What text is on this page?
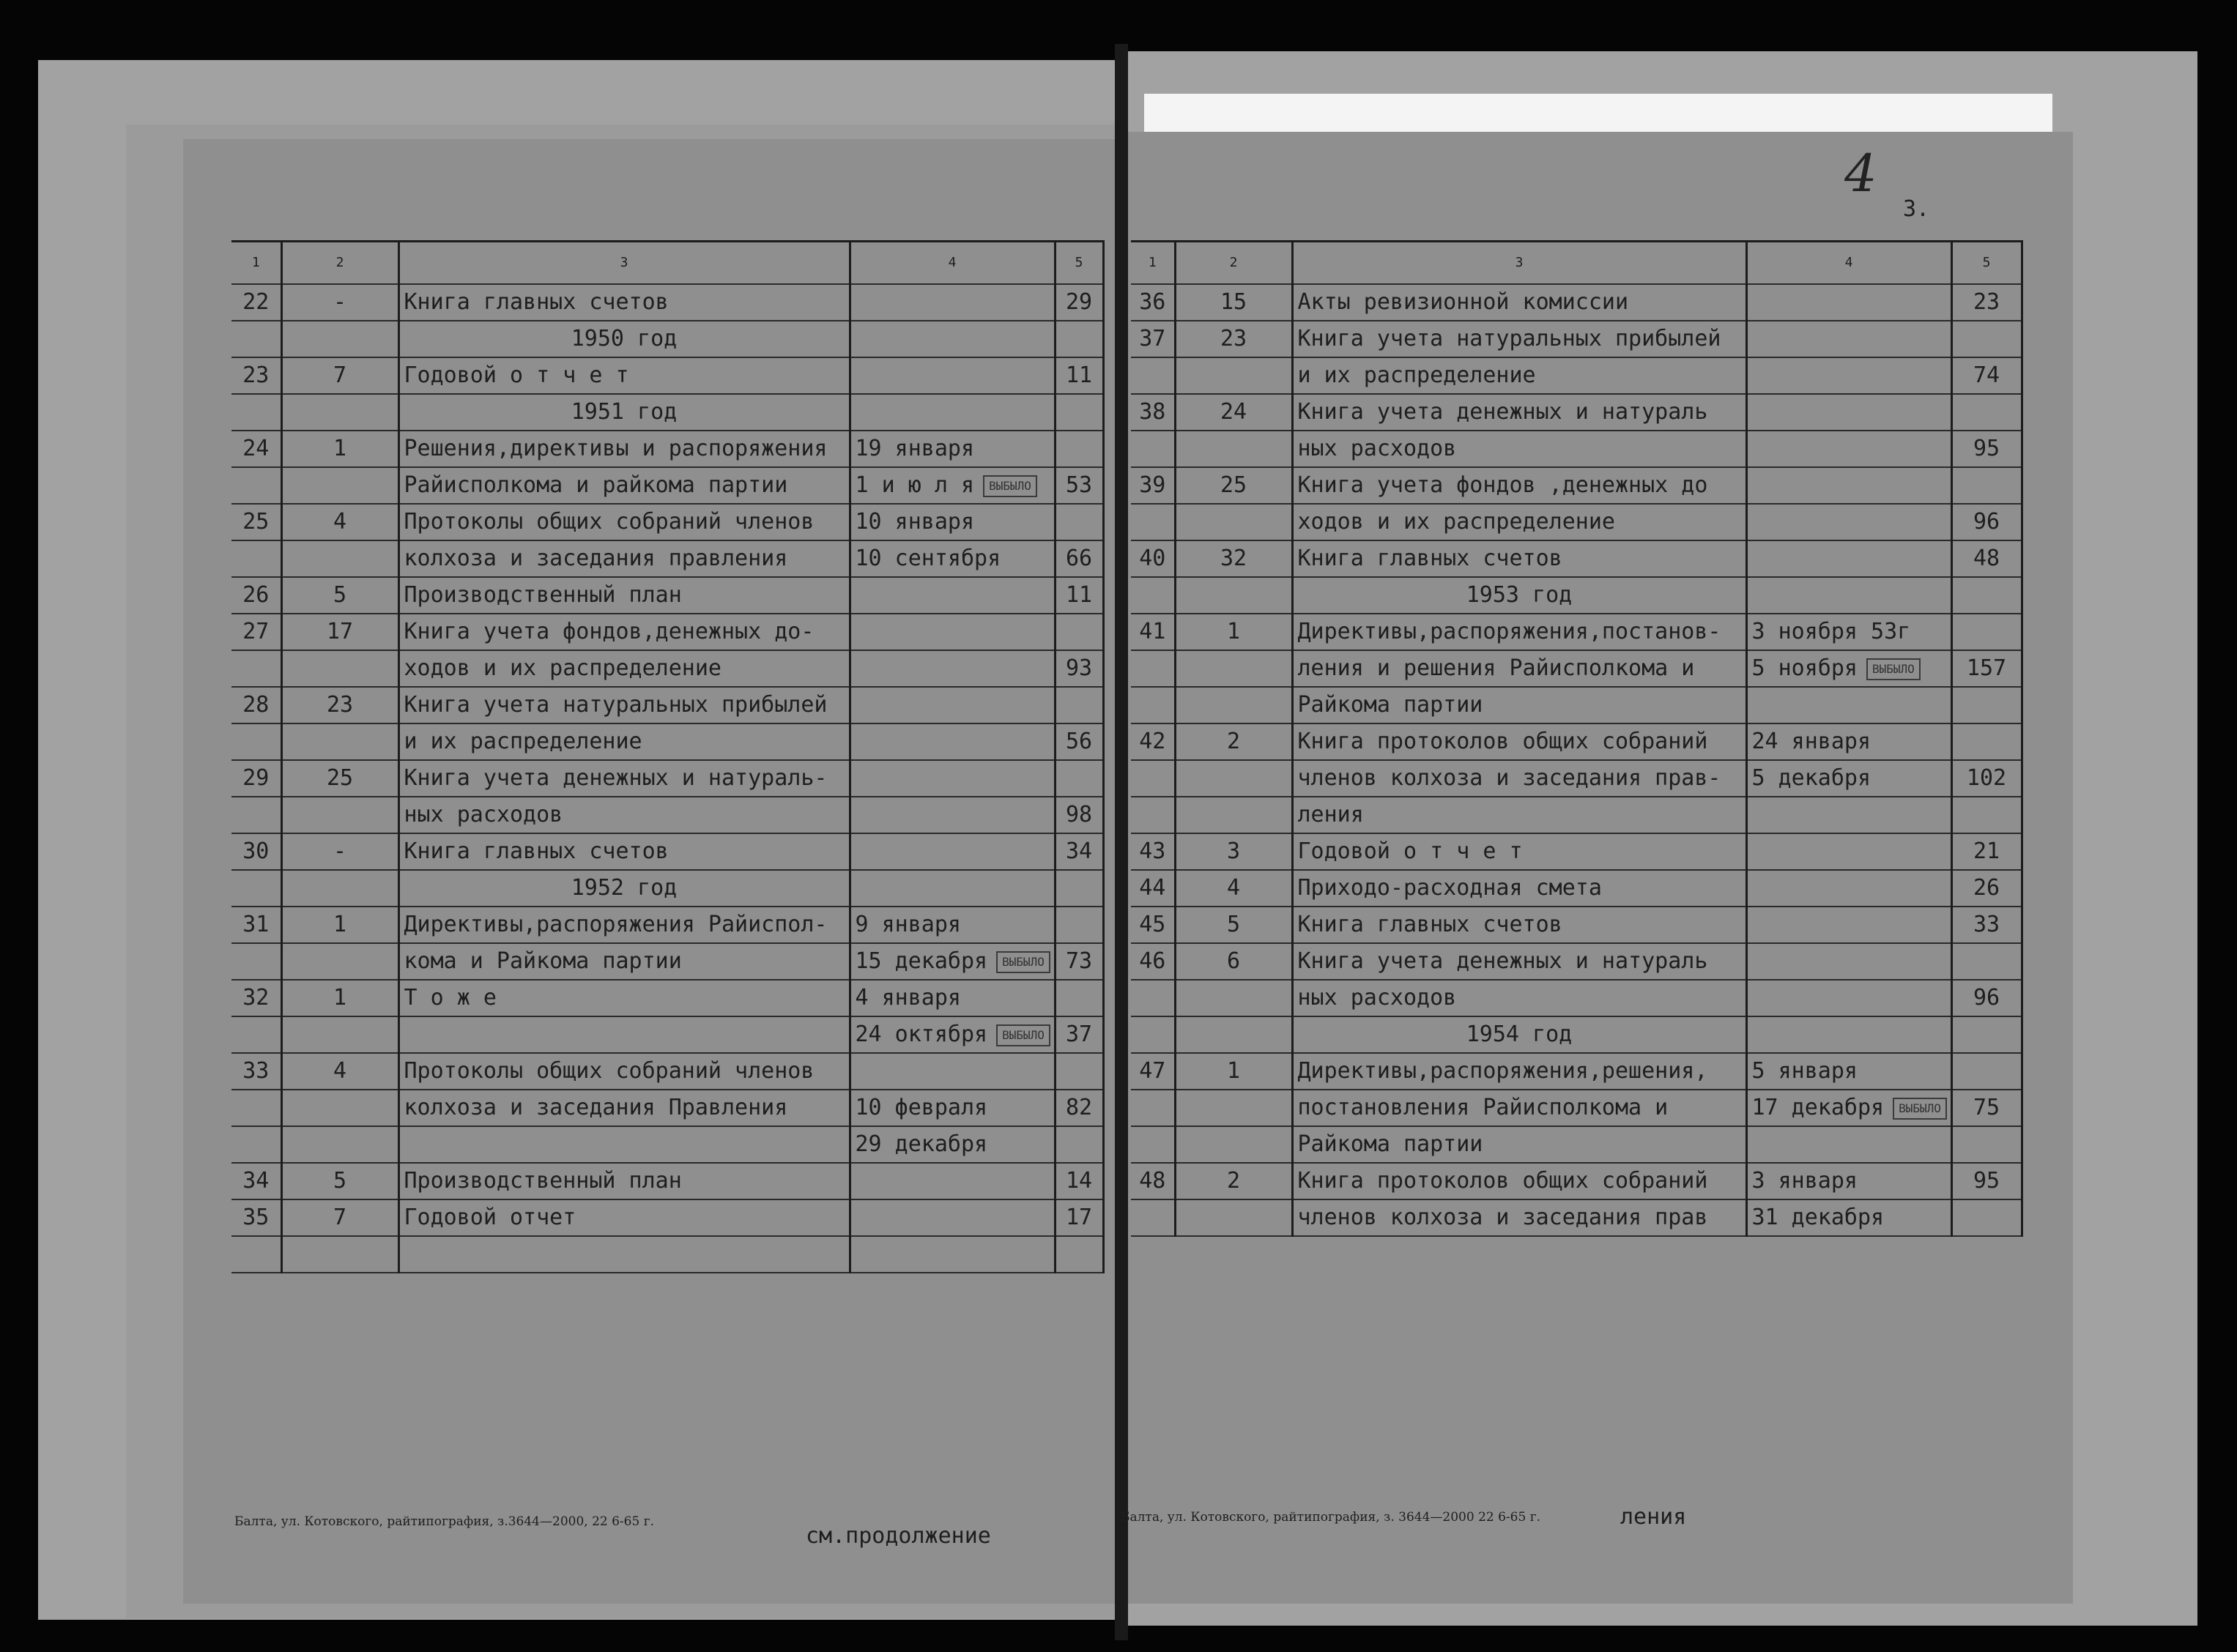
1	2	3	4	5
22	-	Книга главных счетов		29
		1950 год		
23	7	Годовой о т ч е т		11
		1951 год		
24	1	Решения,директивы и распоряжения	19 января	
		Райисполкома и райкома партии	1 и ю л я ВЫБЫЛО	53
25	4	Протоколы общих собраний членов	10 января	
		колхоза и заседания правления	10 сентября	66
26	5	Производственный план		11
27	17	Книга учета фондов,денежных до-		
		ходов и их распределение		93
28	23	Книга учета натуральных прибылей		
		и их распределение		56
29	25	Книга учета денежных и натураль-		
		ных расходов		98
30	-	Книга главных счетов		34
		1952 год		
31	1	Директивы,распоряжения Райиспол-	9 января	
		кома и Райкома партии	15 декабря ВЫБЫЛО	73
32	1	Т о ж е	4 января	
			24 октября ВЫБЫЛО	37
33	4	Протоколы общих собраний членов		
		колхоза и заседания Правления	10 февраля	82
			29 декабря	
34	5	Производственный план		14
35	7	Годовой отчет		17

1	2	3	4	5
36	15	Акты ревизионной комиссии		23
37	23	Книга учета натуральных прибылей		
		и их распределение		74
38	24	Книга учета денежных и натураль		
		ных расходов		95
39	25	Книга учета фондов ,денежных до		
		ходов и их распределение		96
40	32	Книга главных счетов		48
		1953 год		
41	1	Директивы,распоряжения,постанов-	3 ноября 53г	
		ления и решения Райисполкома и	5 ноября ВЫБЫЛО	157
		Райкома партии		
42	2	Книга протоколов общих собраний	24 января	
		членов колхоза и заседания прав-	5 декабря	102
		ления		
43	3	Годовой о т ч е т		21
44	4	Приходо-расходная смета		26
45	5	Книга главных счетов		33
46	6	Книга учета денежных и натураль		
		ных расходов		96
		1954 год		
47	1	Директивы,распоряжения,решения,	5 января	
		постановления Райисполкома и	17 декабря ВЫБЫЛО	75
		Райкома партии		
48	2	Книга протоколов общих собраний	3 января	95
		членов колхоза и заседания прав	31 декабря	
Балта, ул. Котовского, райтипография, з.3644—2000, 22 6-65 г.
см.продолжение
Балта, ул. Котовского, райтипография, з. 3644—2000 22 6-65 г.	ления
4
3.
